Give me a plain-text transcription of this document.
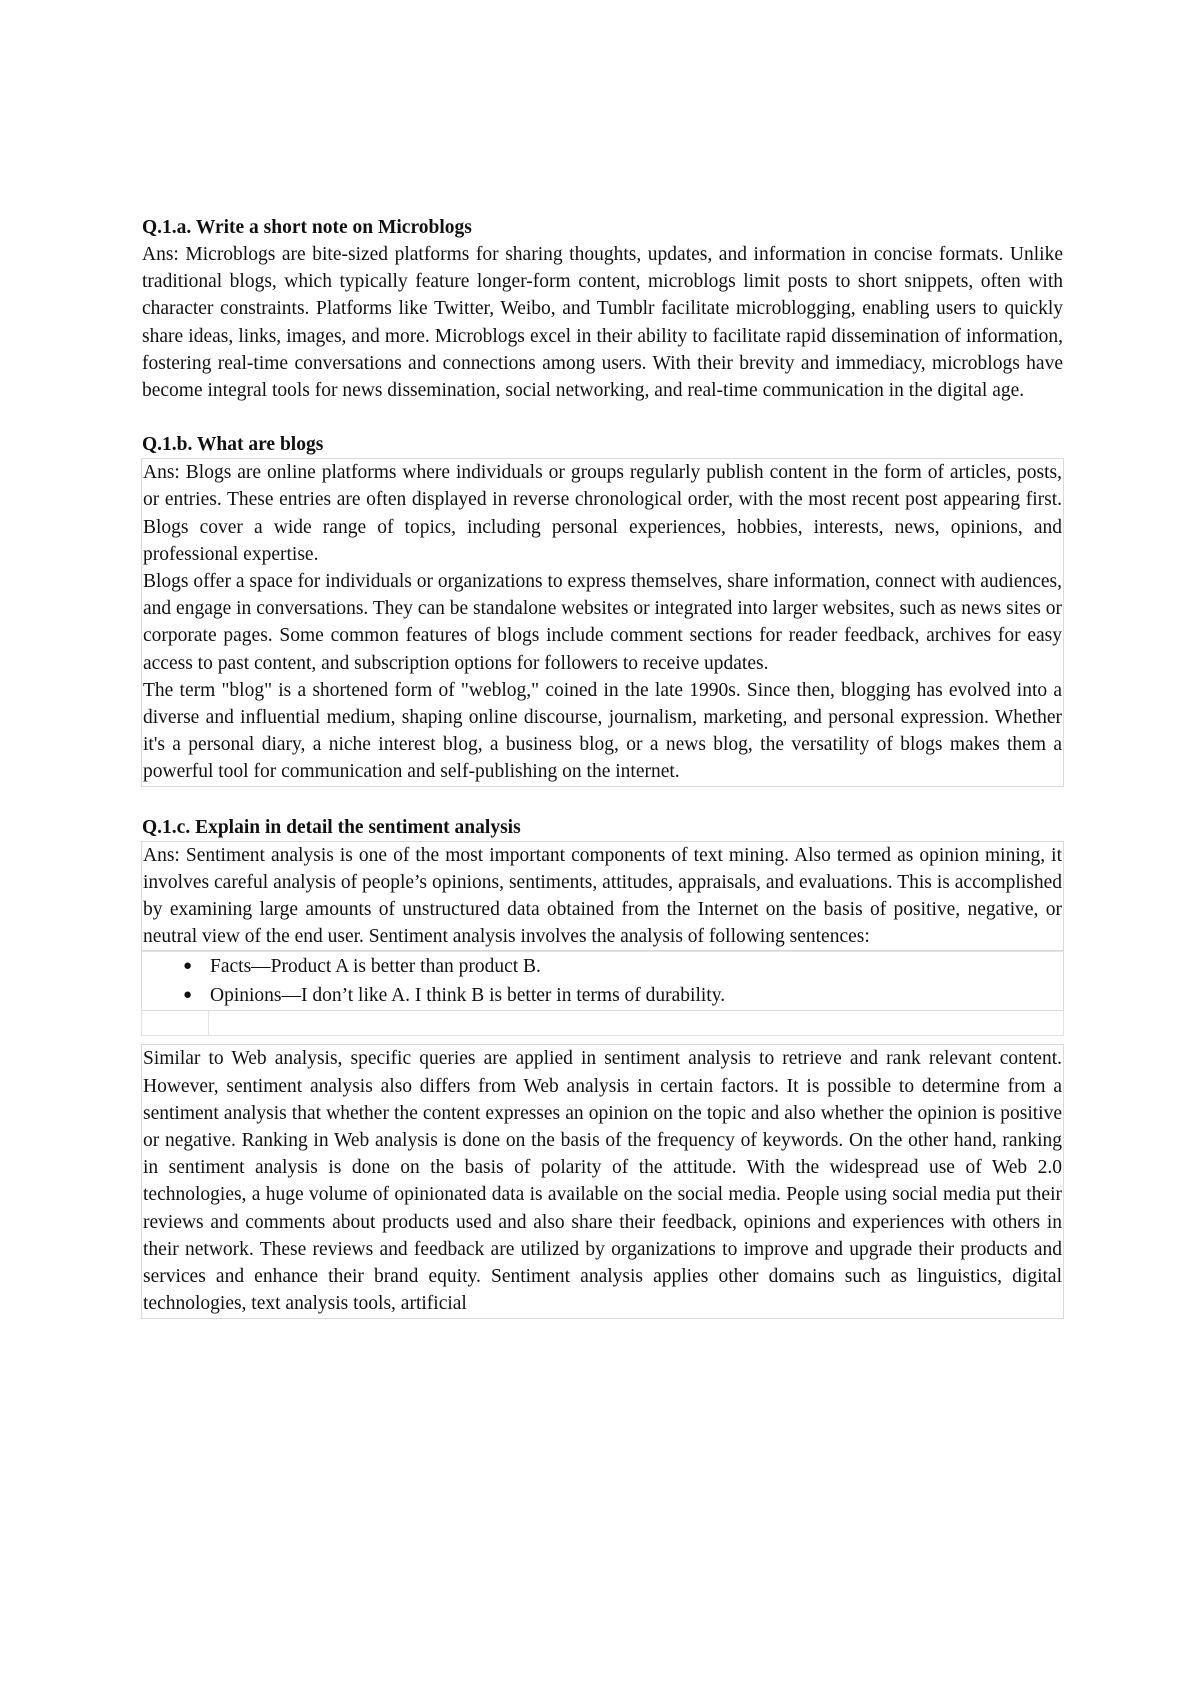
Q.1.a. Write a short note on Microblogs

Ans: Microblogs are bite-sized platforms for sharing thoughts, updates, and information in concise formats. Unlike traditional blogs, which typically feature longer-form content, microblogs limit posts to short snippets, often with character constraints. Platforms like Twitter, Weibo, and Tumblr facilitate microblogging, enabling users to quickly share ideas, links, images, and more. Microblogs excel in their ability to facilitate rapid dissemination of information, fostering real-time conversations and connections among users. With their brevity and immediacy, microblogs have become integral tools for news dissemination, social networking, and real-time communication in the digital age.

Q.1.b. What are blogs

Ans: Blogs are online platforms where individuals or groups regularly publish content in the form of articles, posts, or entries. These entries are often displayed in reverse chronological order, with the most recent post appearing first. Blogs cover a wide range of topics, including personal experiences, hobbies, interests, news, opinions, and professional expertise.

Blogs offer a space for individuals or organizations to express themselves, share information, connect with audiences, and engage in conversations. They can be standalone websites or integrated into larger websites, such as news sites or corporate pages. Some common features of blogs include comment sections for reader feedback, archives for easy access to past content, and subscription options for followers to receive updates.

The term "blog" is a shortened form of "weblog," coined in the late 1990s. Since then, blogging has evolved into a diverse and influential medium, shaping online discourse, journalism, marketing, and personal expression. Whether it's a personal diary, a niche interest blog, a business blog, or a news blog, the versatility of blogs makes them a powerful tool for communication and self-publishing on the internet.

Q.1.c. Explain in detail the sentiment analysis

Ans: Sentiment analysis is one of the most important components of text mining. Also termed as opinion mining, it involves careful analysis of people’s opinions, sentiments, attitudes, appraisals, and evaluations. This is accomplished by examining large amounts of unstructured data obtained from the Internet on the basis of positive, negative, or neutral view of the end user. Sentiment analysis involves the analysis of following sentences:

● Facts—Product A is better than product B.
● Opinions—I don’t like A. I think B is better in terms of durability.

Similar to Web analysis, specific queries are applied in sentiment analysis to retrieve and rank relevant content. However, sentiment analysis also differs from Web analysis in certain factors. It is possible to determine from a sentiment analysis that whether the content expresses an opinion on the topic and also whether the opinion is positive or negative. Ranking in Web analysis is done on the basis of the frequency of keywords. On the other hand, ranking in sentiment analysis is done on the basis of polarity of the attitude. With the widespread use of Web 2.0 technologies, a huge volume of opinionated data is available on the social media. People using social media put their reviews and comments about products used and also share their feedback, opinions and experiences with others in their network. These reviews and feedback are utilized by organizations to improve and upgrade their products and services and enhance their brand equity. Sentiment analysis applies other domains such as linguistics, digital technologies, text analysis tools, artificial
